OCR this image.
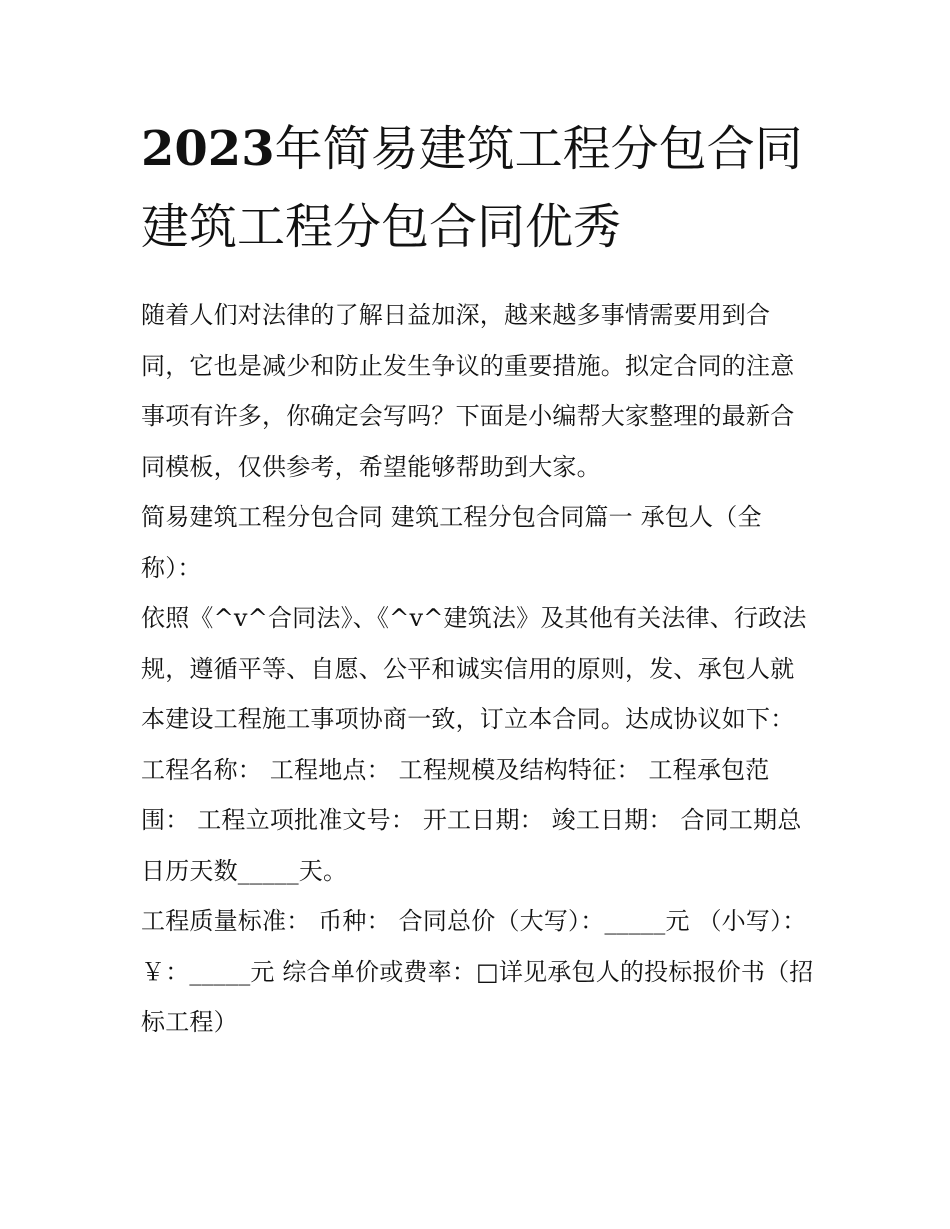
2023年简易建筑工程分包合同建筑工程分包合同优秀

随着人们对法律的了解日益加深，越来越多事情需要用到合同，它也是减少和防止发生争议的重要措施。拟定合同的注意事项有许多，你确定会写吗？下面是小编帮大家整理的最新合同模板，仅供参考，希望能够帮助到大家。

简易建筑工程分包合同 建筑工程分包合同篇一 承包人（全称）：

依照《^v^合同法》、《^v^建筑法》及其他有关法律、行政法规，遵循平等、自愿、公平和诚实信用的原则，发、承包人就本建设工程施工事项协商一致，订立本合同。达成协议如下：

工程名称： 工程地点： 工程规模及结构特征： 工程承包范围： 工程立项批准文号： 开工日期： 竣工日期： 合同工期总日历天数_____天。

工程质量标准： 币种： 合同总价（大写）：_____元 （小写）：￥：_____元 综合单价或费率：□详见承包人的投标报价书（招标工程）
